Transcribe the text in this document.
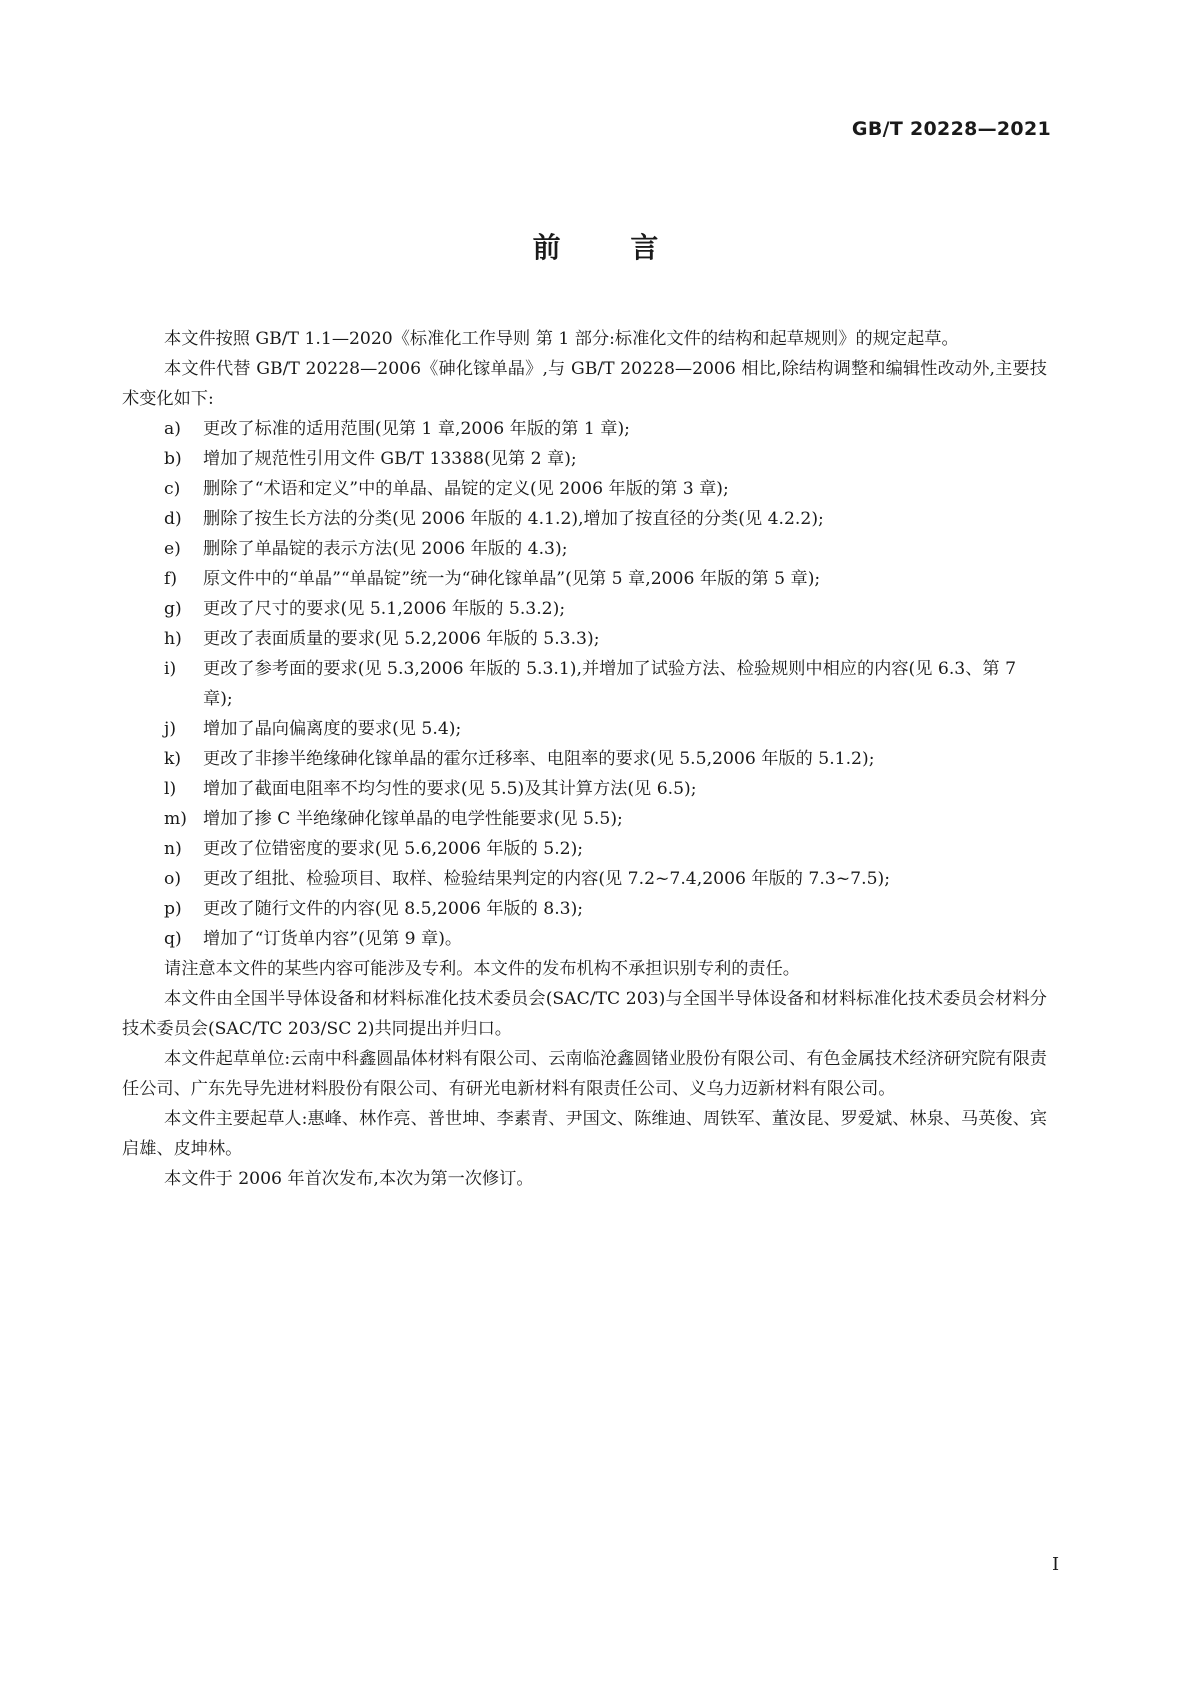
GB/T 20228—2021
前 言

本文件按照 GB/T 1.1—2020《标准化工作导则 第 1 部分:标准化文件的结构和起草规则》的规定起草。

本文件代替 GB/T 20228—2006《砷化镓单晶》,与 GB/T 20228—2006 相比,除结构调整和编辑性改动外,主要技术变化如下:

a) 更改了标准的适用范围(见第 1 章,2006 年版的第 1 章);
b) 增加了规范性引用文件 GB/T 13388(见第 2 章);
c) 删除了“术语和定义”中的单晶、晶锭的定义(见 2006 年版的第 3 章);
d) 删除了按生长方法的分类(见 2006 年版的 4.1.2),增加了按直径的分类(见 4.2.2);
e) 删除了单晶锭的表示方法(见 2006 年版的 4.3);
f) 原文件中的“单晶”“单晶锭”统一为“砷化镓单晶”(见第 5 章,2006 年版的第 5 章);
g) 更改了尺寸的要求(见 5.1,2006 年版的 5.3.2);
h) 更改了表面质量的要求(见 5.2,2006 年版的 5.3.3);
i) 更改了参考面的要求(见 5.3,2006 年版的 5.3.1),并增加了试验方法、检验规则中相应的内容(见 6.3、第 7 章);
j) 增加了晶向偏离度的要求(见 5.4);
k) 更改了非掺半绝缘砷化镓单晶的霍尔迁移率、电阻率的要求(见 5.5,2006 年版的 5.1.2);
l) 增加了截面电阻率不均匀性的要求(见 5.5)及其计算方法(见 6.5);
m) 增加了掺 C 半绝缘砷化镓单晶的电学性能要求(见 5.5);
n) 更改了位错密度的要求(见 5.6,2006 年版的 5.2);
o) 更改了组批、检验项目、取样、检验结果判定的内容(见 7.2~7.4,2006 年版的 7.3~7.5);
p) 更改了随行文件的内容(见 8.5,2006 年版的 8.3);
q) 增加了“订货单内容”(见第 9 章)。

请注意本文件的某些内容可能涉及专利。本文件的发布机构不承担识别专利的责任。

本文件由全国半导体设备和材料标准化技术委员会(SAC/TC 203)与全国半导体设备和材料标准化技术委员会材料分技术委员会(SAC/TC 203/SC 2)共同提出并归口。

本文件起草单位:云南中科鑫圆晶体材料有限公司、云南临沧鑫圆锗业股份有限公司、有色金属技术经济研究院有限责任公司、广东先导先进材料股份有限公司、有研光电新材料有限责任公司、义乌力迈新材料有限公司。

本文件主要起草人:惠峰、林作亮、普世坤、李素青、尹国文、陈维迪、周铁军、董汝昆、罗爱斌、林泉、马英俊、宾启雄、皮坤林。

本文件于 2006 年首次发布,本次为第一次修订。

I
